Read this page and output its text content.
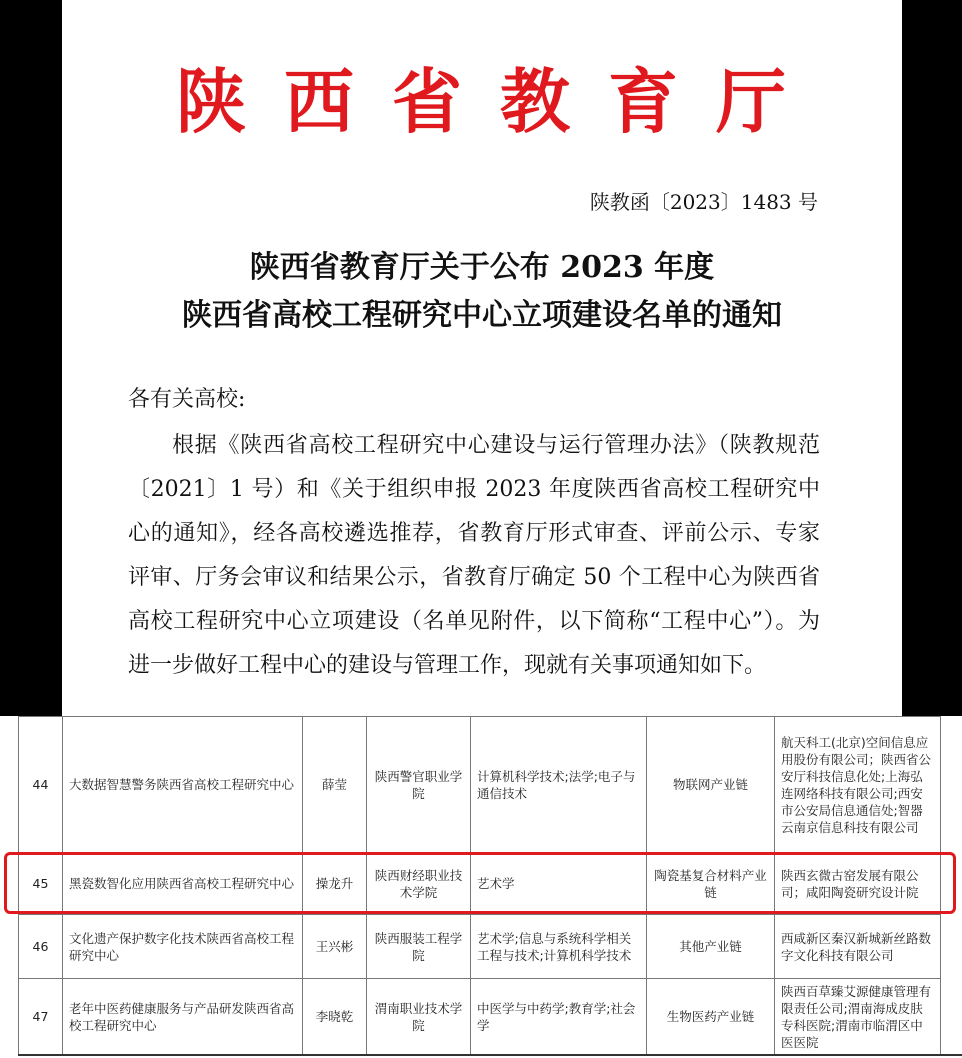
陕西省教育厅
陕教函〔2023〕1483 号
陕西省教育厅关于公布 2023 年度
陕西省高校工程研究中心立项建设名单的通知
各有关高校:

根据《陕西省高校工程研究中心建设与运行管理办法》（陕教规范〔2021〕1 号）和《关于组织申报 2023 年度陕西省高校工程研究中心的通知》，经各高校遴选推荐，省教育厅形式审查、评前公示、专家评审、厅务会审议和结果公示，省教育厅确定 50 个工程中心为陕西省高校工程研究中心立项建设（名单见附件，以下简称“工程中心”）。为进一步做好工程中心的建设与管理工作，现就有关事项通知如下。

44	大数据智慧警务陕西省高校工程研究中心	薛莹	陕西警官职业学院	计算机科学技术;法学;电子与通信技术	物联网产业链	航天科工(北京)空间信息应用股份有限公司；陕西省公安厅科技信息化处;上海弘连网络科技有限公司;西安市公安局信息通信处;智器云南京信息科技有限公司
45	黑瓷数智化应用陕西省高校工程研究中心	操龙升	陕西财经职业技术学院	艺术学	陶瓷基复合材料产业链	陕西玄微古窑发展有限公司；咸阳陶瓷研究设计院
46	文化遗产保护数字化技术陕西省高校工程研究中心	王兴彬	陕西服装工程学院	艺术学;信息与系统科学相关工程与技术;计算机科学技术	其他产业链	西咸新区秦汉新城新丝路数字文化科技有限公司
47	老年中医药健康服务与产品研发陕西省高校工程研究中心	李晓乾	渭南职业技术学院	中医学与中药学;教育学;社会学	生物医药产业链	陕西百草臻艾源健康管理有限责任公司;渭南海成皮肤专科医院;渭南市临渭区中医医院
